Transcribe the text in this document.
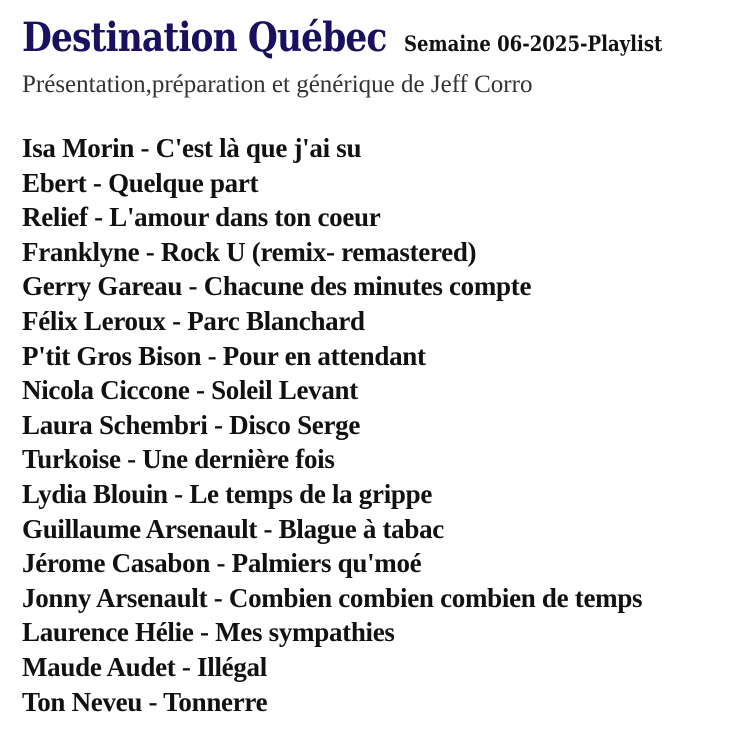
Destination Québec Semaine 06-2025-Playlist
Présentation,préparation et générique de Jeff Corro
Isa Morin - C'est là que j'ai su
Ebert - Quelque part
Relief - L'amour dans ton coeur
Franklyne - Rock U (remix- remastered)
Gerry Gareau - Chacune des minutes compte
Félix Leroux - Parc Blanchard
P'tit Gros Bison - Pour en attendant
Nicola Ciccone - Soleil Levant
Laura Schembri - Disco Serge
Turkoise - Une dernière fois
Lydia Blouin - Le temps de la grippe
Guillaume Arsenault - Blague à tabac
Jérome Casabon - Palmiers qu'moé
Jonny Arsenault - Combien combien combien de temps
Laurence Hélie - Mes sympathies
Maude Audet - Illégal
Ton Neveu - Tonnerre
